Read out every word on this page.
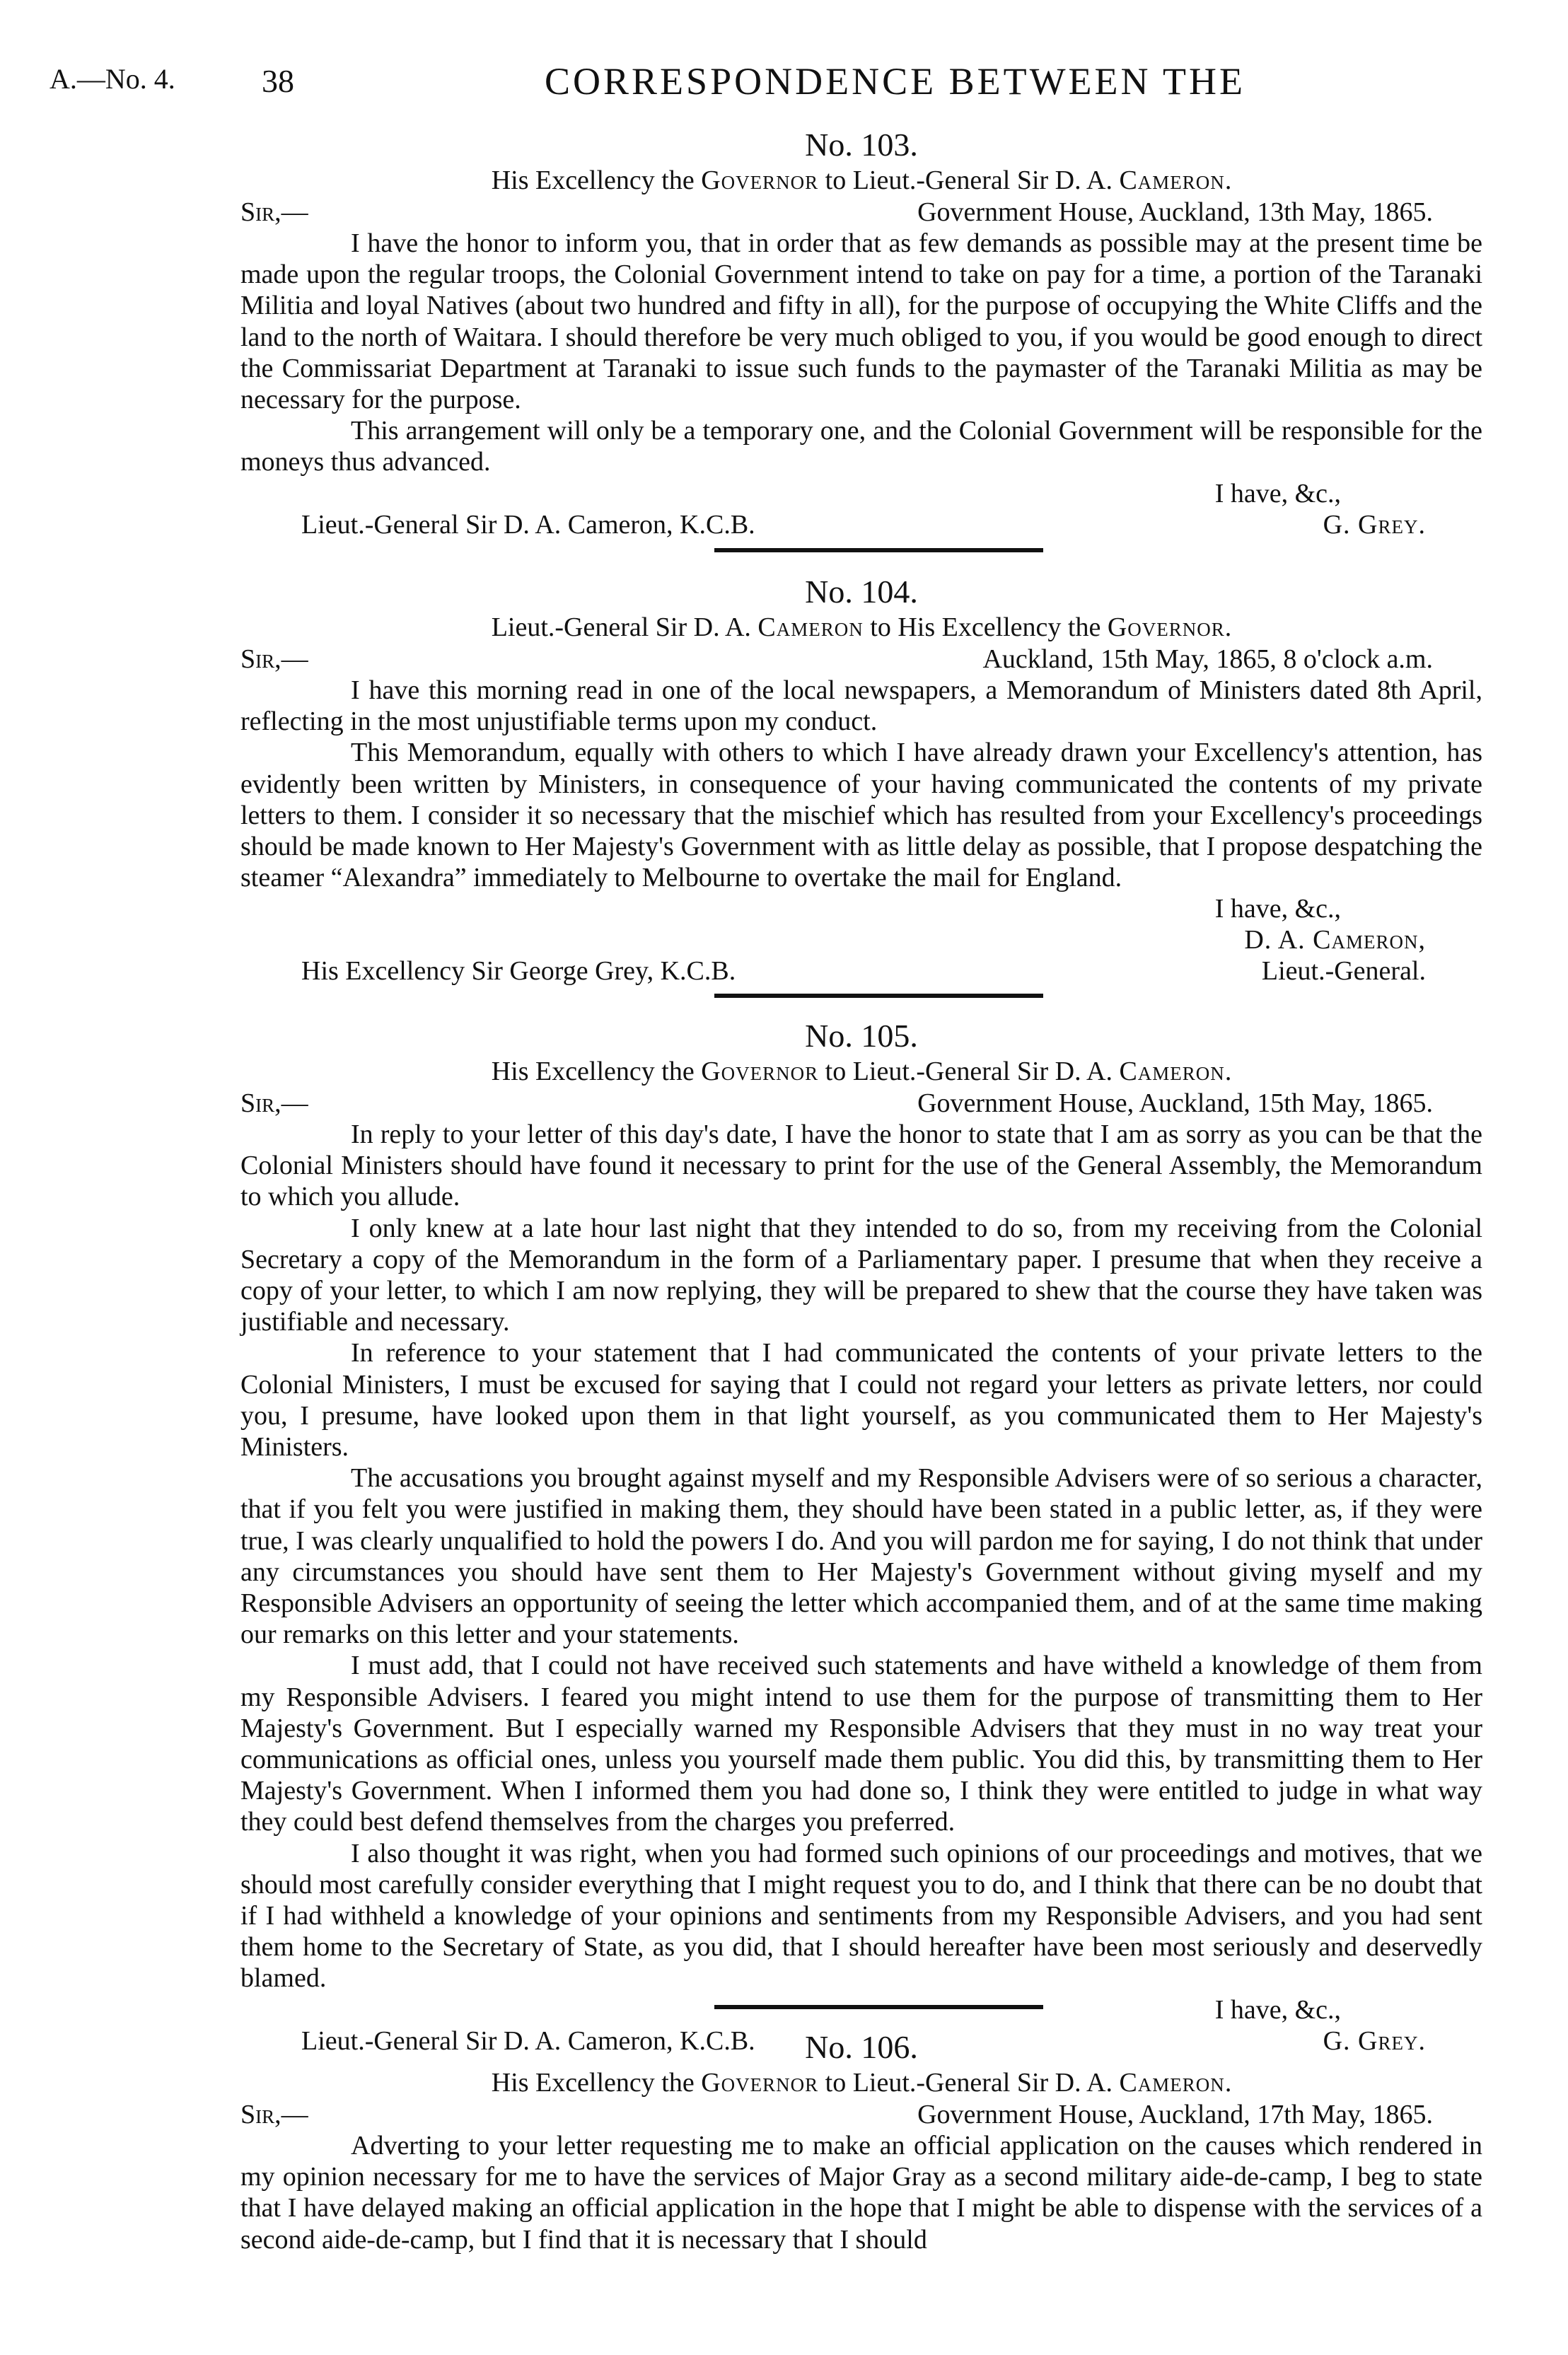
A.—No. 4.	38	CORRESPONDENCE BETWEEN THE
No. 103.
His Excellency the Governor to Lieut.-General Sir D. A. Cameron.
Sir,—	Government House, Auckland, 13th May, 1865.

I have the honor to inform you, that in order that as few demands as possible may at the present time be made upon the regular troops, the Colonial Government intend to take on pay for a time, a portion of the Taranaki Militia and loyal Natives (about two hundred and fifty in all), for the purpose of occupying the White Cliffs and the land to the north of Waitara. I should therefore be very much obliged to you, if you would be good enough to direct the Commissariat Department at Taranaki to issue such funds to the paymaster of the Taranaki Militia as may be necessary for the purpose.

This arrangement will only be a temporary one, and the Colonial Government will be responsible for the moneys thus advanced.

I have, &c.,
Lieut.-General Sir D. A. Cameron, K.C.B.	G. Grey.
No. 104.
Lieut.-General Sir D. A. Cameron to His Excellency the Governor.
Sir,—	Auckland, 15th May, 1865, 8 o'clock a.m.

I have this morning read in one of the local newspapers, a Memorandum of Ministers dated 8th April, reflecting in the most unjustifiable terms upon my conduct.

This Memorandum, equally with others to which I have already drawn your Excellency's attention, has evidently been written by Ministers, in consequence of your having communicated the contents of my private letters to them. I consider it so necessary that the mischief which has resulted from your Excellency's proceedings should be made known to Her Majesty's Government with as little delay as possible, that I propose despatching the steamer “Alexandra” immediately to Melbourne to overtake the mail for England.

I have, &c.,
D. A. Cameron,
His Excellency Sir George Grey, K.C.B.	Lieut.-General.
No. 105.
His Excellency the Governor to Lieut.-General Sir D. A. Cameron.
Sir,—	Government House, Auckland, 15th May, 1865.

In reply to your letter of this day's date, I have the honor to state that I am as sorry as you can be that the Colonial Ministers should have found it necessary to print for the use of the General Assembly, the Memorandum to which you allude.

I only knew at a late hour last night that they intended to do so, from my receiving from the Colonial Secretary a copy of the Memorandum in the form of a Parliamentary paper. I presume that when they receive a copy of your letter, to which I am now replying, they will be prepared to shew that the course they have taken was justifiable and necessary.

In reference to your statement that I had communicated the contents of your private letters to the Colonial Ministers, I must be excused for saying that I could not regard your letters as private letters, nor could you, I presume, have looked upon them in that light yourself, as you communicated them to Her Majesty's Ministers.

The accusations you brought against myself and my Responsible Advisers were of so serious a character, that if you felt you were justified in making them, they should have been stated in a public letter, as, if they were true, I was clearly unqualified to hold the powers I do. And you will pardon me for saying, I do not think that under any circumstances you should have sent them to Her Majesty's Government without giving myself and my Responsible Advisers an opportunity of seeing the letter which accompanied them, and of at the same time making our remarks on this letter and your statements.

I must add, that I could not have received such statements and have witheld a knowledge of them from my Responsible Advisers. I feared you might intend to use them for the purpose of transmitting them to Her Majesty's Government. But I especially warned my Responsible Advisers that they must in no way treat your communications as official ones, unless you yourself made them public. You did this, by transmitting them to Her Majesty's Government. When I informed them you had done so, I think they were entitled to judge in what way they could best defend themselves from the charges you preferred.

I also thought it was right, when you had formed such opinions of our proceedings and motives, that we should most carefully consider everything that I might request you to do, and I think that there can be no doubt that if I had withheld a knowledge of your opinions and sentiments from my Responsible Advisers, and you had sent them home to the Secretary of State, as you did, that I should hereafter have been most seriously and deservedly blamed.

I have, &c.,
Lieut.-General Sir D. A. Cameron, K.C.B.	G. Grey.
No. 106.
His Excellency the Governor to Lieut.-General Sir D. A. Cameron.
Sir,—	Government House, Auckland, 17th May, 1865.

Adverting to your letter requesting me to make an official application on the causes which rendered in my opinion necessary for me to have the services of Major Gray as a second military aide-de-camp, I beg to state that I have delayed making an official application in the hope that I might be able to dispense with the services of a second aide-de-camp, but I find that it is necessary that I should
